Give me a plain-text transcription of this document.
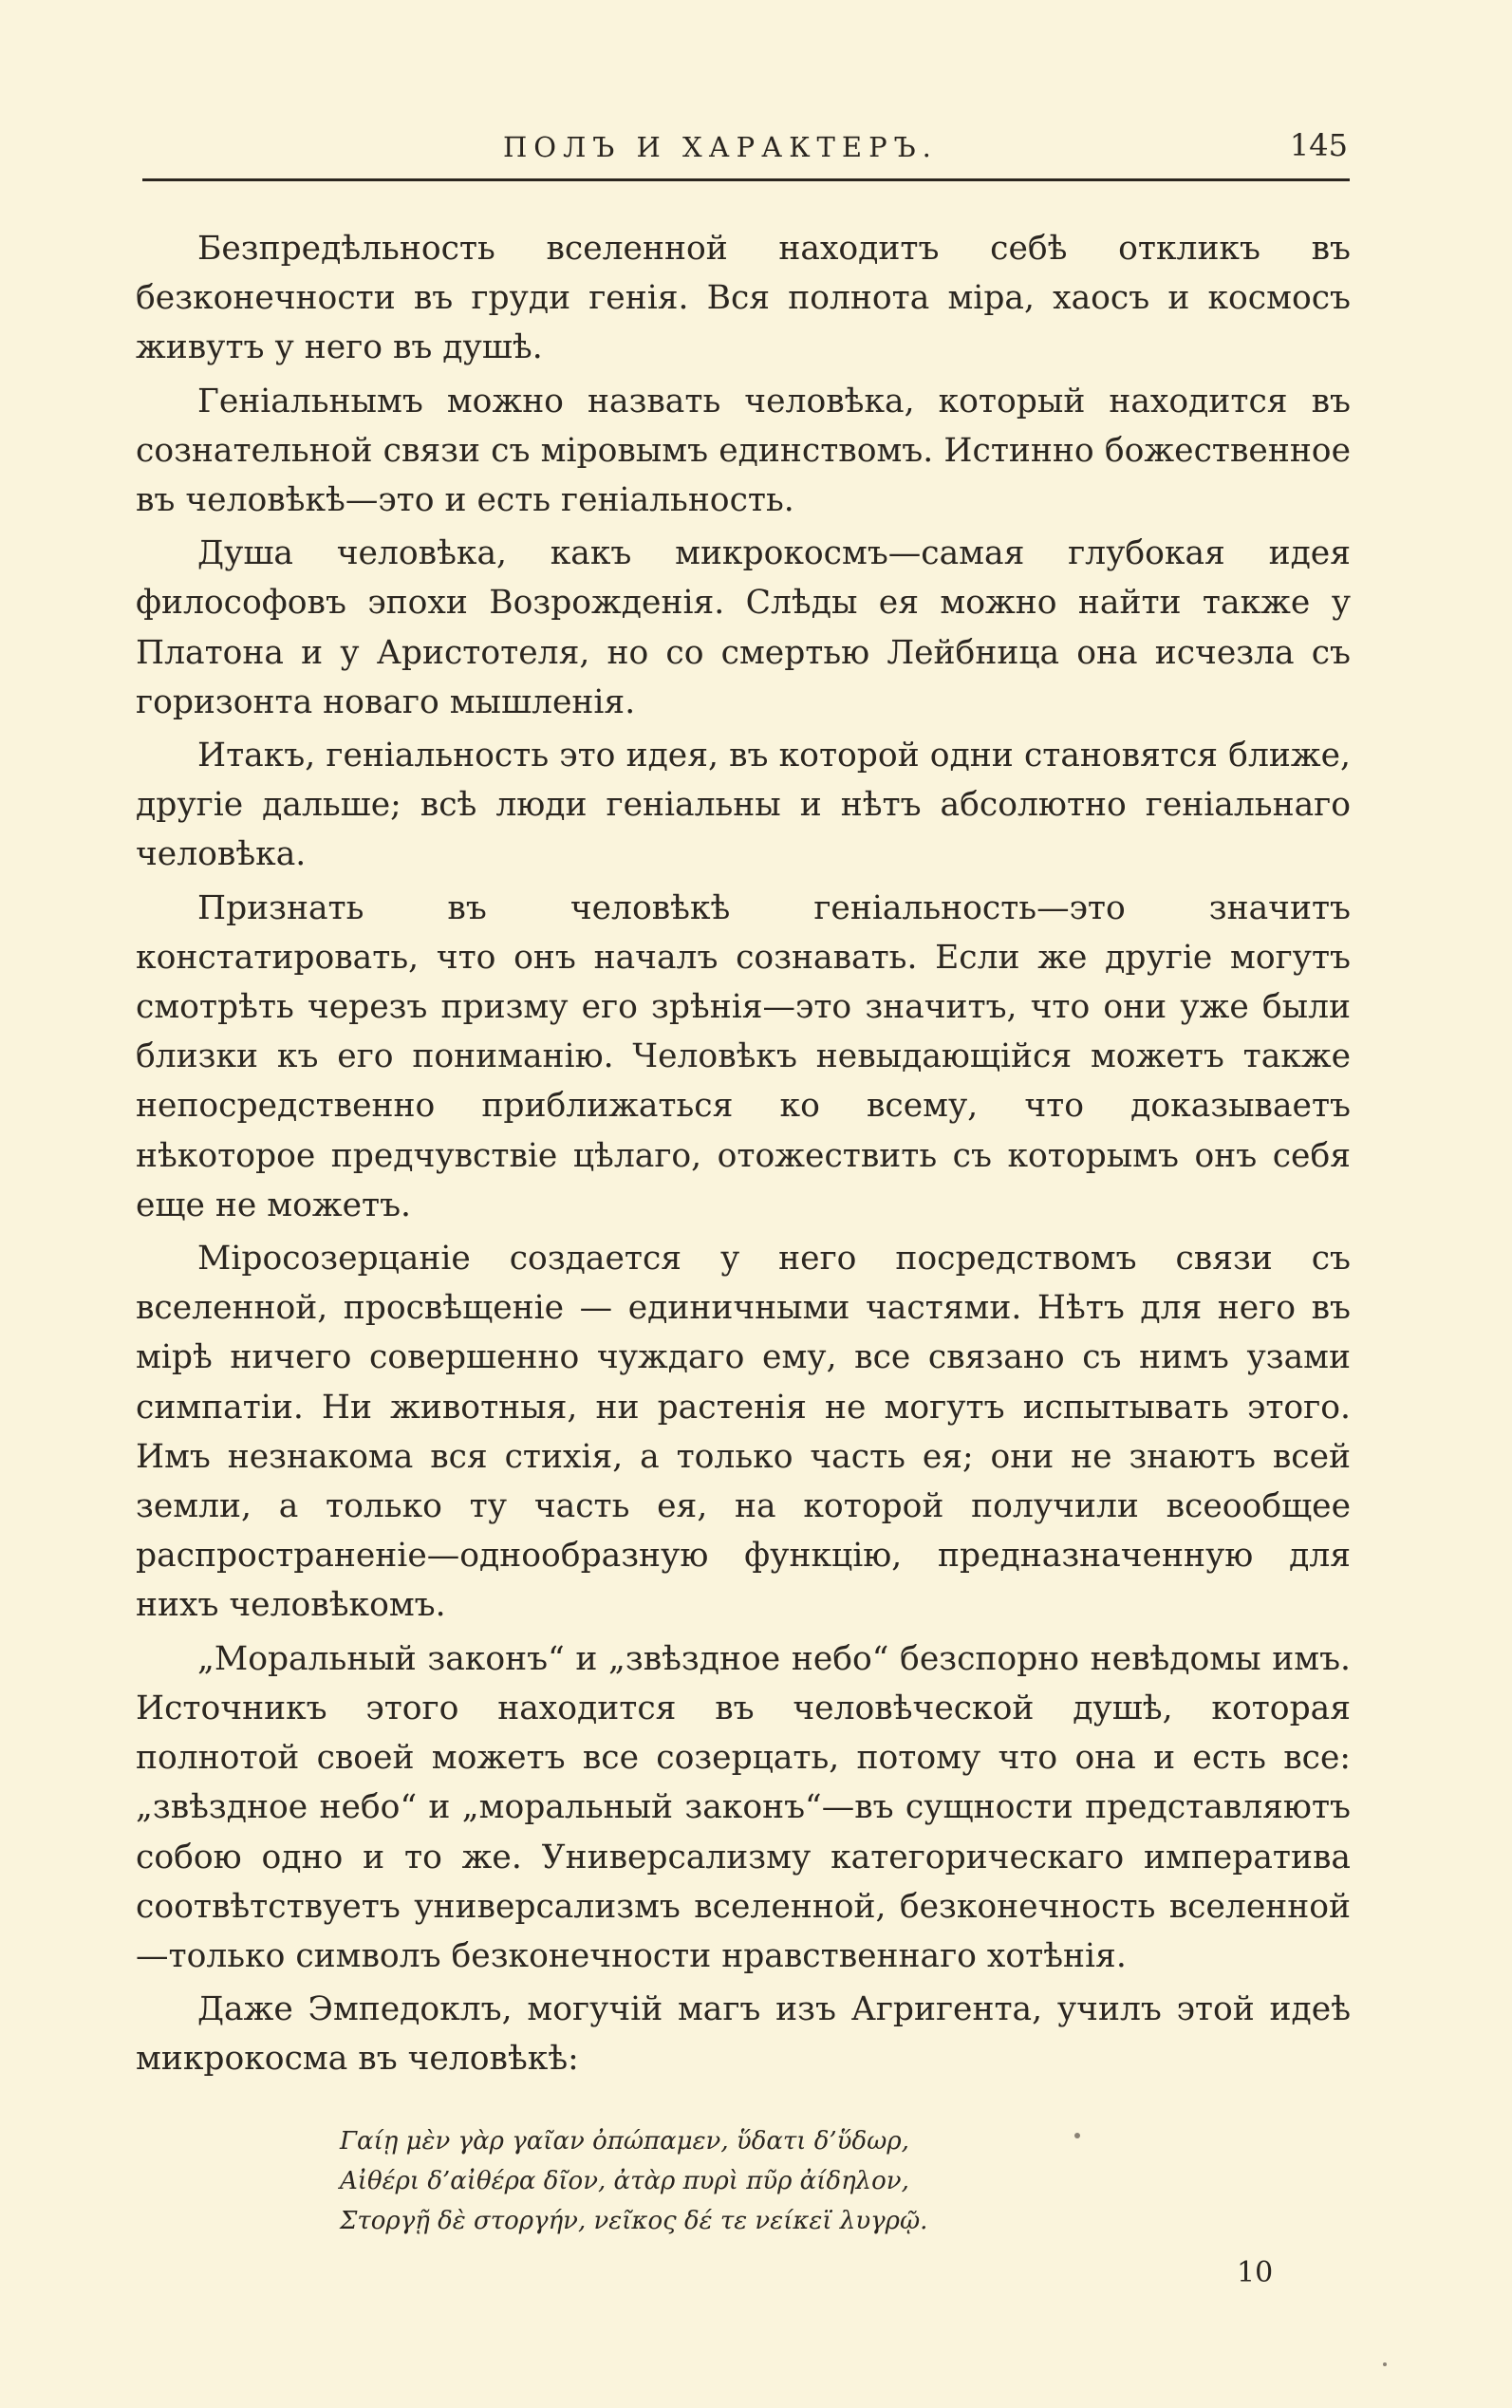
ПОЛЪ И ХАРАКТЕРЪ.	145

Безпредѣльность вселенной находитъ себѣ откликъ въ безконечности въ груди генія. Вся полнота міра, хаосъ и космосъ живутъ у него въ душѣ.

Геніальнымъ можно назвать человѣка, который находится въ сознательной связи съ міровымъ единствомъ. Истинно божественное въ человѣкѣ—это и есть геніальность.

Душа человѣка, какъ микрокосмъ—самая глубокая идея философовъ эпохи Возрожденія. Слѣды ея можно найти также у Платона и у Аристотеля, но со смертью Лейбница она исчезла съ горизонта новаго мышленія.

Итакъ, геніальность это идея, въ которой одни становятся ближе, другіе дальше; всѣ люди геніальны и нѣтъ абсолютно геніальнаго человѣка.

Признать въ человѣкѣ геніальность—это значитъ констатировать, что онъ началъ сознавать. Если же другіе могутъ смотрѣть черезъ призму его зрѣнія—это значитъ, что они уже были близки къ его пониманію. Человѣкъ невыдающійся можетъ также непосредственно приближаться ко всему, что доказываетъ нѣкоторое предчувствіе цѣлаго, отожествить съ которымъ онъ себя еще не можетъ.

Міросозерцаніе создается у него посредствомъ связи съ вселенной, просвѣщеніе — единичными частями. Нѣтъ для него въ мірѣ ничего совершенно чуждаго ему, все связано съ нимъ узами симпатіи. Ни животныя, ни растенія не могутъ испытывать этого. Имъ незнакома вся стихія, а только часть ея; они не знаютъ всей земли, а только ту часть ея, на которой получили всеообщее распространеніе—однообразную функцію, предназначенную для нихъ человѣкомъ.

„Моральный законъ“ и „звѣздное небо“ безспорно невѣдомы имъ. Источникъ этого находится въ человѣческой душѣ, которая полнотой своей можетъ все созерцать, потому что она и есть все: „звѣздное небо“ и „моральный законъ“—въ сущности представляютъ собою одно и то же. Универсализму категорическаго императива соотвѣтствуетъ универсализмъ вселенной, безконечность вселенной—только символъ безконечности нравственнаго хотѣнія.

Даже Эмпедоклъ, могучій магъ изъ Агригента, училъ этой идеѣ микрокосма въ человѣкѣ:

Γαίῃ μὲν γὰρ γαῖαν ὀπώπαμεν, ὕδατι δ’ὕδωρ,
Αἰθέρι δ’αἰθέρα δῖον, ἀτὰρ πυρὶ πῦρ ἀίδηλον,
Στοργῇ δὲ στοργήν, νεῖκος δέ τε νείκεϊ λυγρῷ.
10
